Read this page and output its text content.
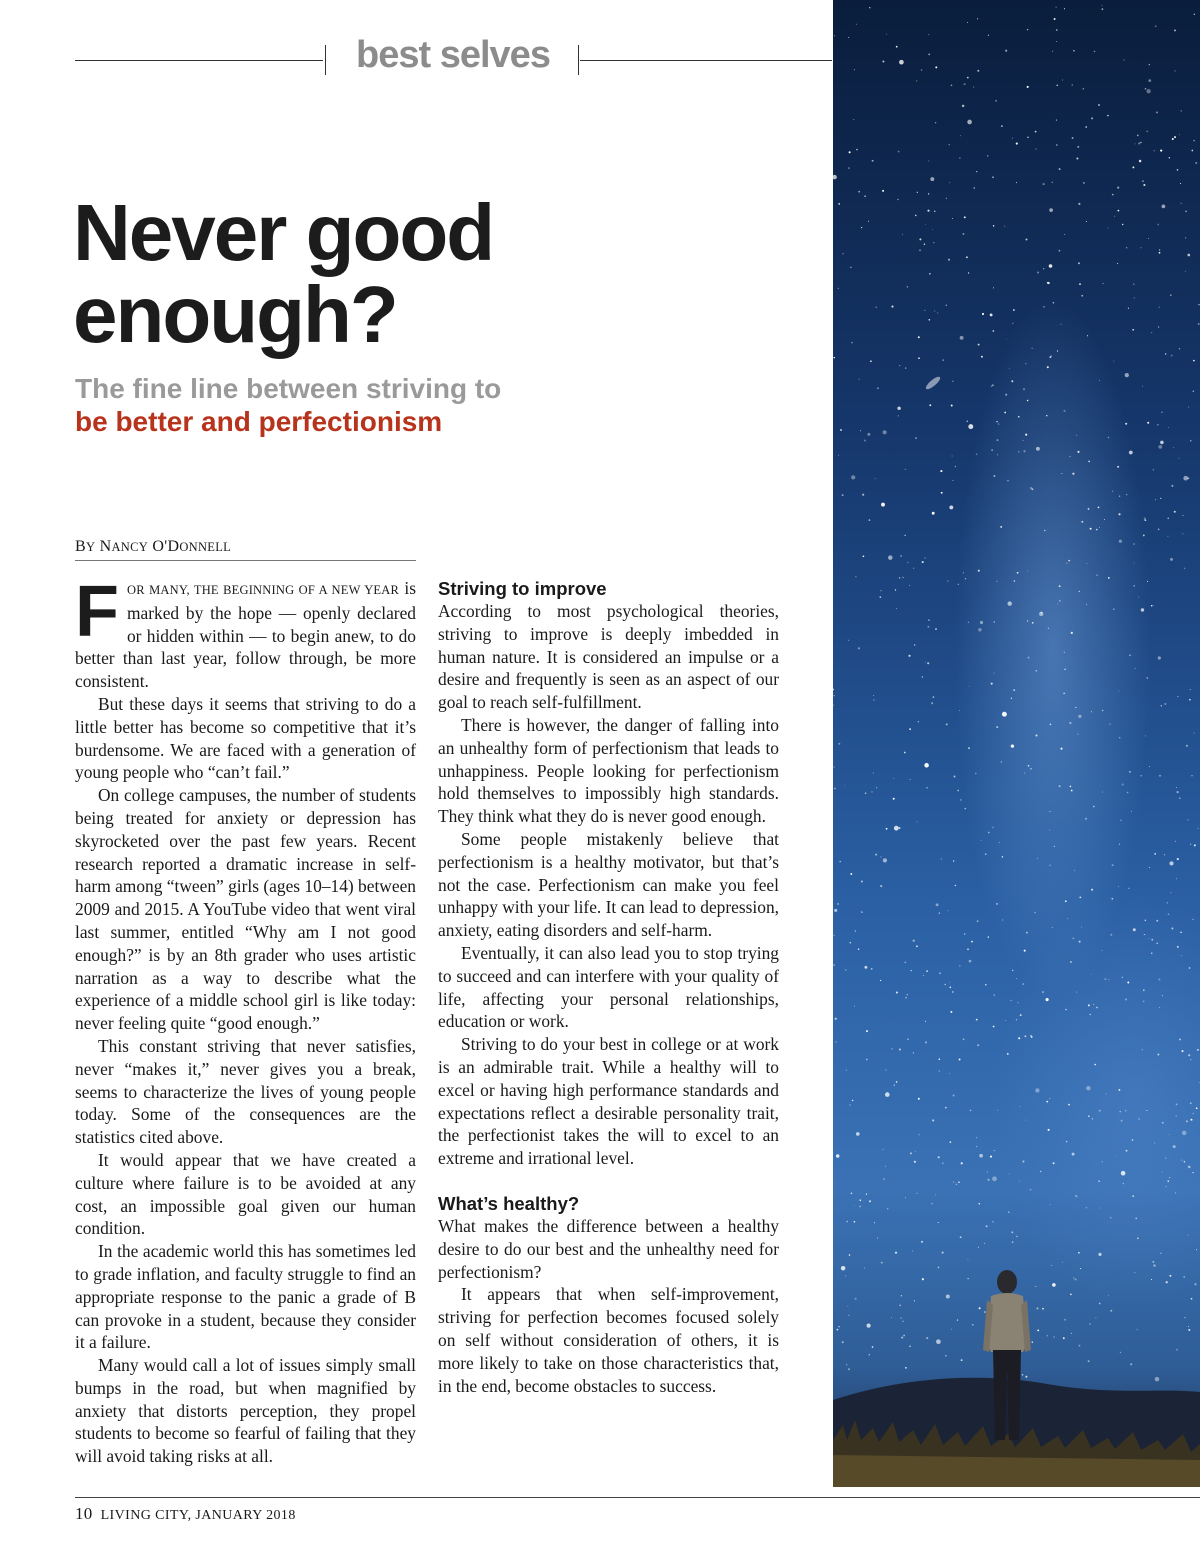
best selves
Never good
enough?
The fine line between striving to
be better and perfectionism
BY NANCY O'DONNELL

FOR MANY, THE BEGINNING OF A NEW YEAR is marked by the hope — openly declared or hidden within — to begin anew, to do better than last year, follow through, be more consistent.

But these days it seems that striving to do a little better has become so competitive that it’s burdensome. We are faced with a generation of young people who “can’t fail.”

On college campuses, the number of students being treated for anxiety or depression has skyrocketed over the past few years. Recent research reported a dramatic increase in self-harm among “tween” girls (ages 10–14) between 2009 and 2015. A YouTube video that went viral last summer, entitled “Why am I not good enough?” is by an 8th grader who uses artistic narration as a way to describe what the experience of a middle school girl is like today: never feeling quite “good enough.”

This constant striving that never satisfies, never “makes it,” never gives you a break, seems to characterize the lives of young people today. Some of the consequences are the statistics cited above.

It would appear that we have created a culture where failure is to be avoided at any cost, an impossible goal given our human condition.

In the academic world this has sometimes led to grade inflation, and faculty struggle to find an appropriate response to the panic a grade of B can provoke in a student, because they consider it a failure.

Many would call a lot of issues simply small bumps in the road, but when magnified by anxiety that distorts perception, they propel students to become so fearful of failing that they will avoid taking risks at all.

Striving to improve

According to most psychological theories, striving to improve is deeply imbedded in human nature. It is considered an impulse or a desire and frequently is seen as an aspect of our goal to reach self-fulfillment.

There is however, the danger of falling into an unhealthy form of perfectionism that leads to unhappiness. People looking for perfectionism hold themselves to impossibly high standards. They think what they do is never good enough.

Some people mistakenly believe that perfectionism is a healthy motivator, but that’s not the case. Perfectionism can make you feel unhappy with your life. It can lead to depression, anxiety, eating disorders and self-harm.

Eventually, it can also lead you to stop trying to succeed and can interfere with your quality of life, affecting your personal relationships, education or work.

Striving to do your best in college or at work is an admirable trait. While a healthy will to excel or having high performance standards and expectations reflect a desirable personality trait, the perfectionist takes the will to excel to an extreme and irrational level.

What’s healthy?

What makes the difference between a healthy desire to do our best and the unhealthy need for perfectionism?

It appears that when self-improvement, striving for perfection becomes focused solely on self without consideration of others, it is more likely to take on those characteristics that, in the end, become obstacles to success.

10 LIVING CITY, JANUARY 2018
